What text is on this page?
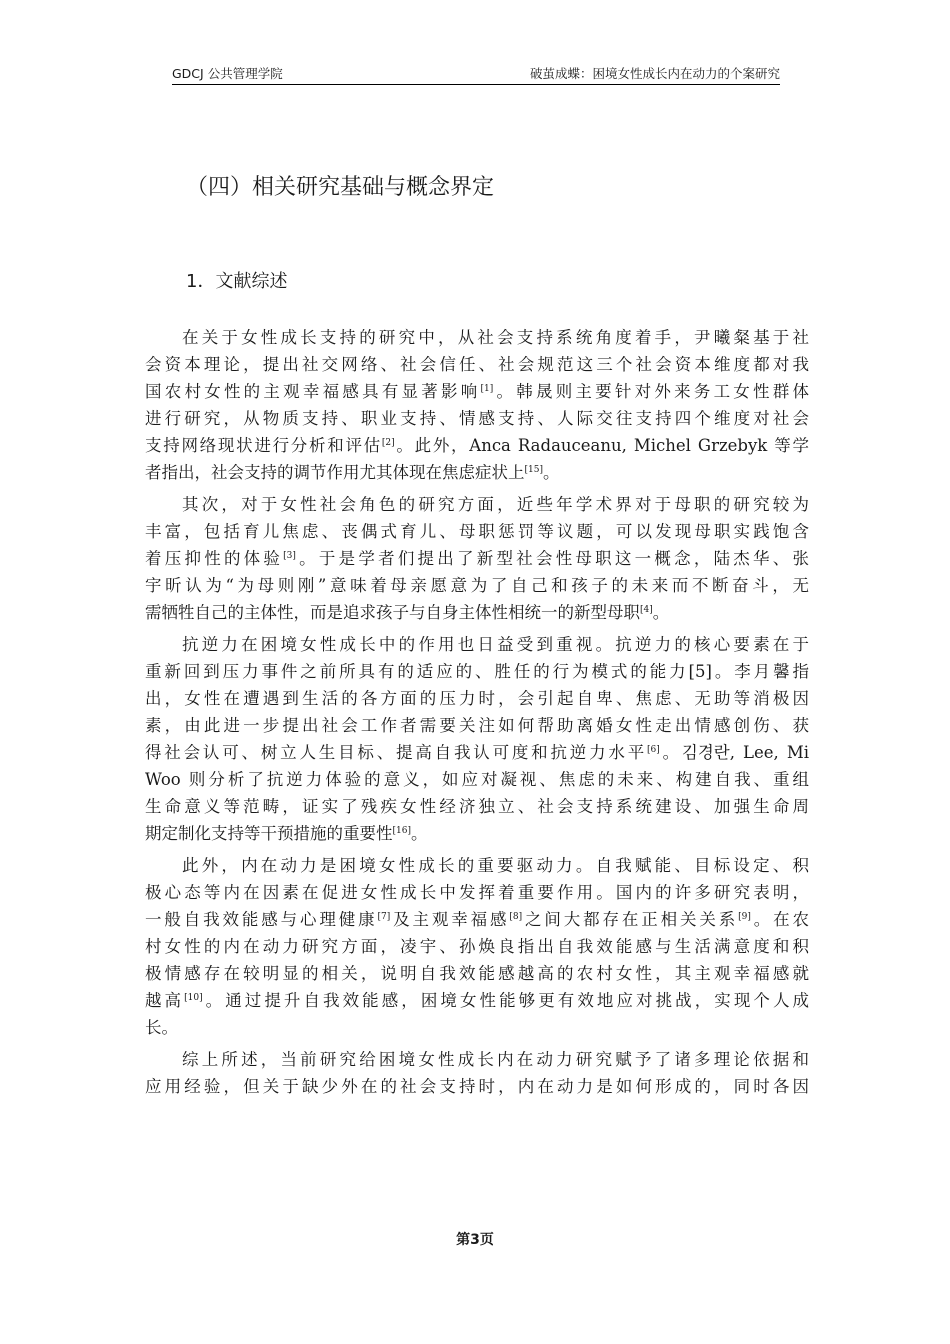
GDCJ 公共管理学院	破茧成蝶：困境女性成长内在动力的个案研究
（四）相关研究基础与概念界定
1．文献综述
在关于女性成长支持的研究中，从社会支持系统角度着手，尹曦粲基于社
会资本理论，提出社交网络、社会信任、社会规范这三个社会资本维度都对我
国农村女性的主观幸福感具有显著影响[1]。韩晟则主要针对外来务工女性群体
进行研究，从物质支持、职业支持、情感支持、人际交往支持四个维度对社会
支持网络现状进行分析和评估[2]。此外，Anca Radauceanu, Michel Grzebyk 等学
者指出，社会支持的调节作用尤其体现在焦虑症状上[15]。
其次，对于女性社会角色的研究方面，近些年学术界对于母职的研究较为
丰富，包括育儿焦虑、丧偶式育儿、母职惩罚等议题，可以发现母职实践饱含
着压抑性的体验[3]。于是学者们提出了新型社会性母职这一概念，陆杰华、张
宇昕认为“为母则刚”意味着母亲愿意为了自己和孩子的未来而不断奋斗，无
需牺牲自己的主体性，而是追求孩子与自身主体性相统一的新型母职[4]。
抗逆力在困境女性成长中的作用也日益受到重视。抗逆力的核心要素在于
重新回到压力事件之前所具有的适应的、胜任的行为模式的能力[5]。李月馨指
出，女性在遭遇到生活的各方面的压力时，会引起自卑、焦虑、无助等消极因
素，由此进一步提出社会工作者需要关注如何帮助离婚女性走出情感创伤、获
得社会认可、树立人生目标、提高自我认可度和抗逆力水平[6]。김경란, Lee, Mi
Woo 则分析了抗逆力体验的意义，如应对凝视、焦虑的未来、构建自我、重组
生命意义等范畴，证实了残疾女性经济独立、社会支持系统建设、加强生命周
期定制化支持等干预措施的重要性[16]。
此外，内在动力是困境女性成长的重要驱动力。自我赋能、目标设定、积
极心态等内在因素在促进女性成长中发挥着重要作用。国内的许多研究表明，
一般自我效能感与心理健康[7]及主观幸福感[8]之间大都存在正相关关系[9]。在农
村女性的内在动力研究方面，凌宇、孙焕良指出自我效能感与生活满意度和积
极情感存在较明显的相关，说明自我效能感越高的农村女性，其主观幸福感就
越高[10]。通过提升自我效能感，困境女性能够更有效地应对挑战，实现个人成
长。
综上所述，当前研究给困境女性成长内在动力研究赋予了诸多理论依据和
应用经验，但关于缺少外在的社会支持时，内在动力是如何形成的，同时各因
第3页
